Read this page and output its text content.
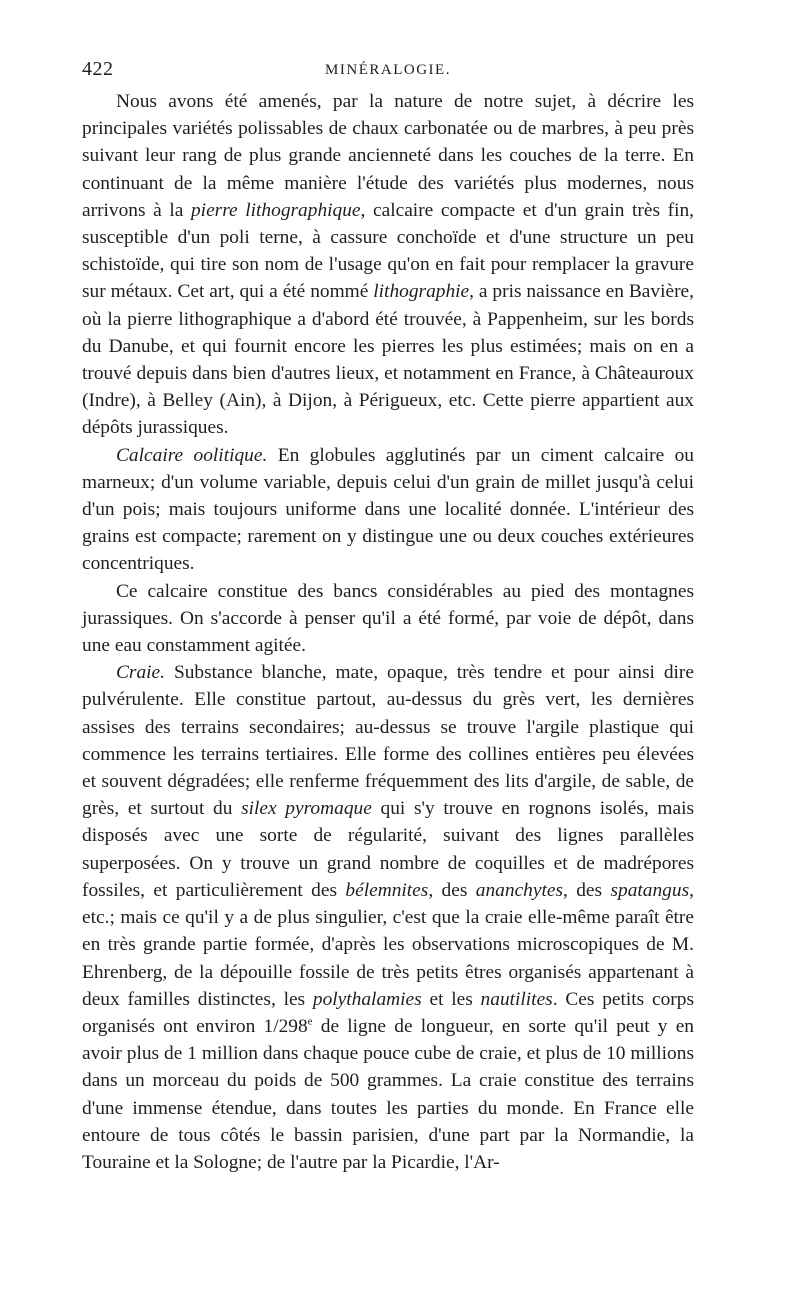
422	MINÉRALOGIE.

Nous avons été amenés, par la nature de notre sujet, à décrire les principales variétés polissables de chaux carbonatée ou de marbres, à peu près suivant leur rang de plus grande ancienneté dans les couches de la terre. En continuant de la même manière l'étude des variétés plus modernes, nous arrivons à la pierre lithographique, calcaire compacte et d'un grain très fin, susceptible d'un poli terne, à cassure conchoïde et d'une structure un peu schistoïde, qui tire son nom de l'usage qu'on en fait pour remplacer la gravure sur métaux. Cet art, qui a été nommé lithographie, a pris naissance en Bavière, où la pierre lithographique a d'abord été trouvée, à Pappenheim, sur les bords du Danube, et qui fournit encore les pierres les plus estimées; mais on en a trouvé depuis dans bien d'autres lieux, et notamment en France, à Châteauroux (Indre), à Belley (Ain), à Dijon, à Périgueux, etc. Cette pierre appartient aux dépôts jurassiques.

Calcaire oolitique. En globules agglutinés par un ciment calcaire ou marneux; d'un volume variable, depuis celui d'un grain de millet jusqu'à celui d'un pois; mais toujours uniforme dans une localité donnée. L'intérieur des grains est compacte; rarement on y distingue une ou deux couches extérieures concentriques.

Ce calcaire constitue des bancs considérables au pied des montagnes jurassiques. On s'accorde à penser qu'il a été formé, par voie de dépôt, dans une eau constamment agitée.

Craie. Substance blanche, mate, opaque, très tendre et pour ainsi dire pulvérulente. Elle constitue partout, au-dessus du grès vert, les dernières assises des terrains secondaires; au-dessus se trouve l'argile plastique qui commence les terrains tertiaires. Elle forme des collines entières peu élevées et souvent dégradées; elle renferme fréquemment des lits d'argile, de sable, de grès, et surtout du silex pyromaque qui s'y trouve en rognons isolés, mais disposés avec une sorte de régularité, suivant des lignes parallèles superposées. On y trouve un grand nombre de coquilles et de madrépores fossiles, et particulièrement des bélemnites, des ananchytes, des spatangus, etc.; mais ce qu'il y a de plus singulier, c'est que la craie elle-même paraît être en très grande partie formée, d'après les observations microscopiques de M. Ehrenberg, de la dépouille fossile de très petits êtres organisés appartenant à deux familles distinctes, les polythalamies et les nautilites. Ces petits corps organisés ont environ 1/298e de ligne de longueur, en sorte qu'il peut y en avoir plus de 1 million dans chaque pouce cube de craie, et plus de 10 millions dans un morceau du poids de 500 grammes. La craie constitue des terrains d'une immense étendue, dans toutes les parties du monde. En France elle entoure de tous côtés le bassin parisien, d'une part par la Normandie, la Touraine et la Sologne; de l'autre par la Picardie, l'Ar-
